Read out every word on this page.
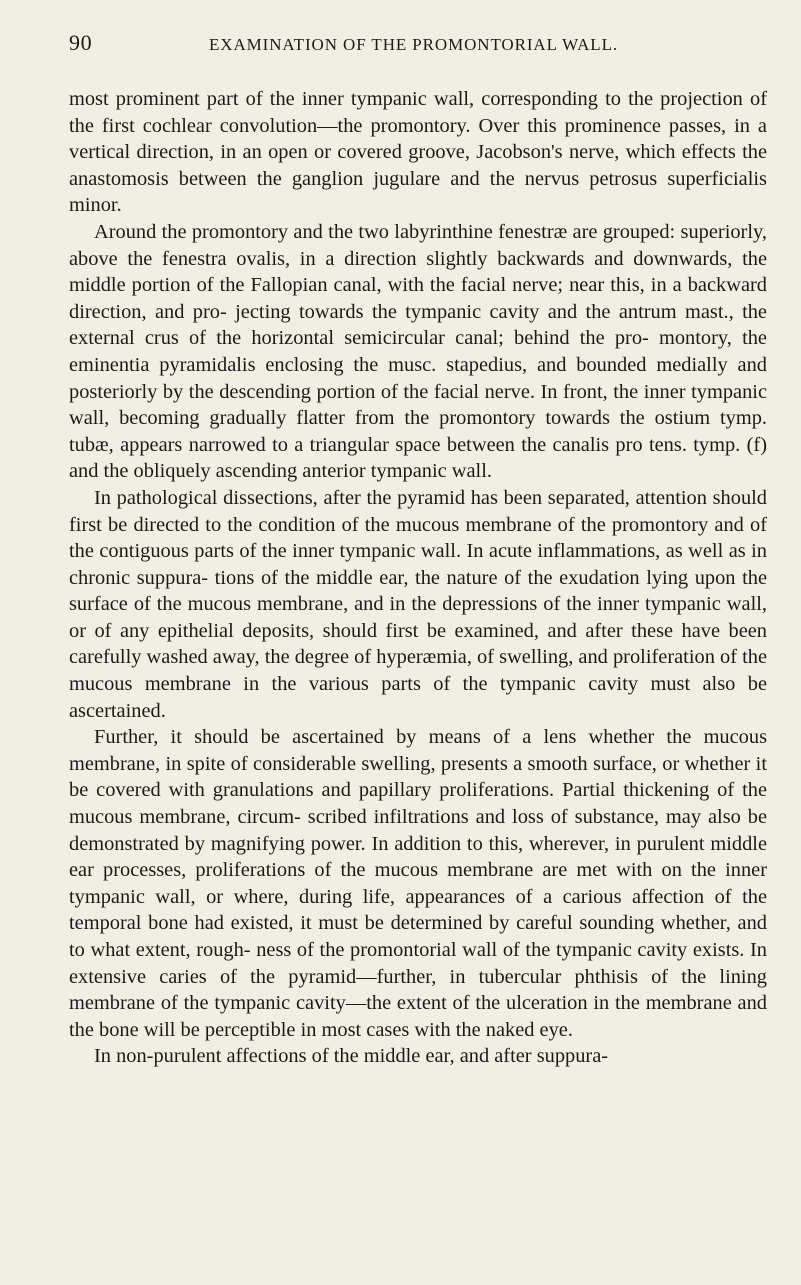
90	EXAMINATION OF THE PROMONTORIAL WALL.

most prominent part of the inner tympanic wall, corresponding to the projection of the first cochlear convolution—the promontory. Over this prominence passes, in a vertical direction, in an open or covered groove, Jacobson's nerve, which effects the anastomosis between the ganglion jugulare and the nervus petrosus superficialis minor.

Around the promontory and the two labyrinthine fenestræ are grouped: superiorly, above the fenestra ovalis, in a direction slightly backwards and downwards, the middle portion of the Fallopian canal, with the facial nerve; near this, in a backward direction, and pro- jecting towards the tympanic cavity and the antrum mast., the external crus of the horizontal semicircular canal; behind the pro- montory, the eminentia pyramidalis enclosing the musc. stapedius, and bounded medially and posteriorly by the descending portion of the facial nerve. In front, the inner tympanic wall, becoming gradually flatter from the promontory towards the ostium tymp. tubæ, appears narrowed to a triangular space between the canalis pro tens. tymp. (f) and the obliquely ascending anterior tympanic wall.

In pathological dissections, after the pyramid has been separated, attention should first be directed to the condition of the mucous membrane of the promontory and of the contiguous parts of the inner tympanic wall. In acute inflammations, as well as in chronic suppura- tions of the middle ear, the nature of the exudation lying upon the surface of the mucous membrane, and in the depressions of the inner tympanic wall, or of any epithelial deposits, should first be examined, and after these have been carefully washed away, the degree of hyperæmia, of swelling, and proliferation of the mucous membrane in the various parts of the tympanic cavity must also be ascertained.

Further, it should be ascertained by means of a lens whether the mucous membrane, in spite of considerable swelling, presents a smooth surface, or whether it be covered with granulations and papillary proliferations. Partial thickening of the mucous membrane, circum- scribed infiltrations and loss of substance, may also be demonstrated by magnifying power. In addition to this, wherever, in purulent middle ear processes, proliferations of the mucous membrane are met with on the inner tympanic wall, or where, during life, appearances of a carious affection of the temporal bone had existed, it must be determined by careful sounding whether, and to what extent, rough- ness of the promontorial wall of the tympanic cavity exists. In extensive caries of the pyramid—further, in tubercular phthisis of the lining membrane of the tympanic cavity—the extent of the ulceration in the membrane and the bone will be perceptible in most cases with the naked eye.

In non-purulent affections of the middle ear, and after suppura-
